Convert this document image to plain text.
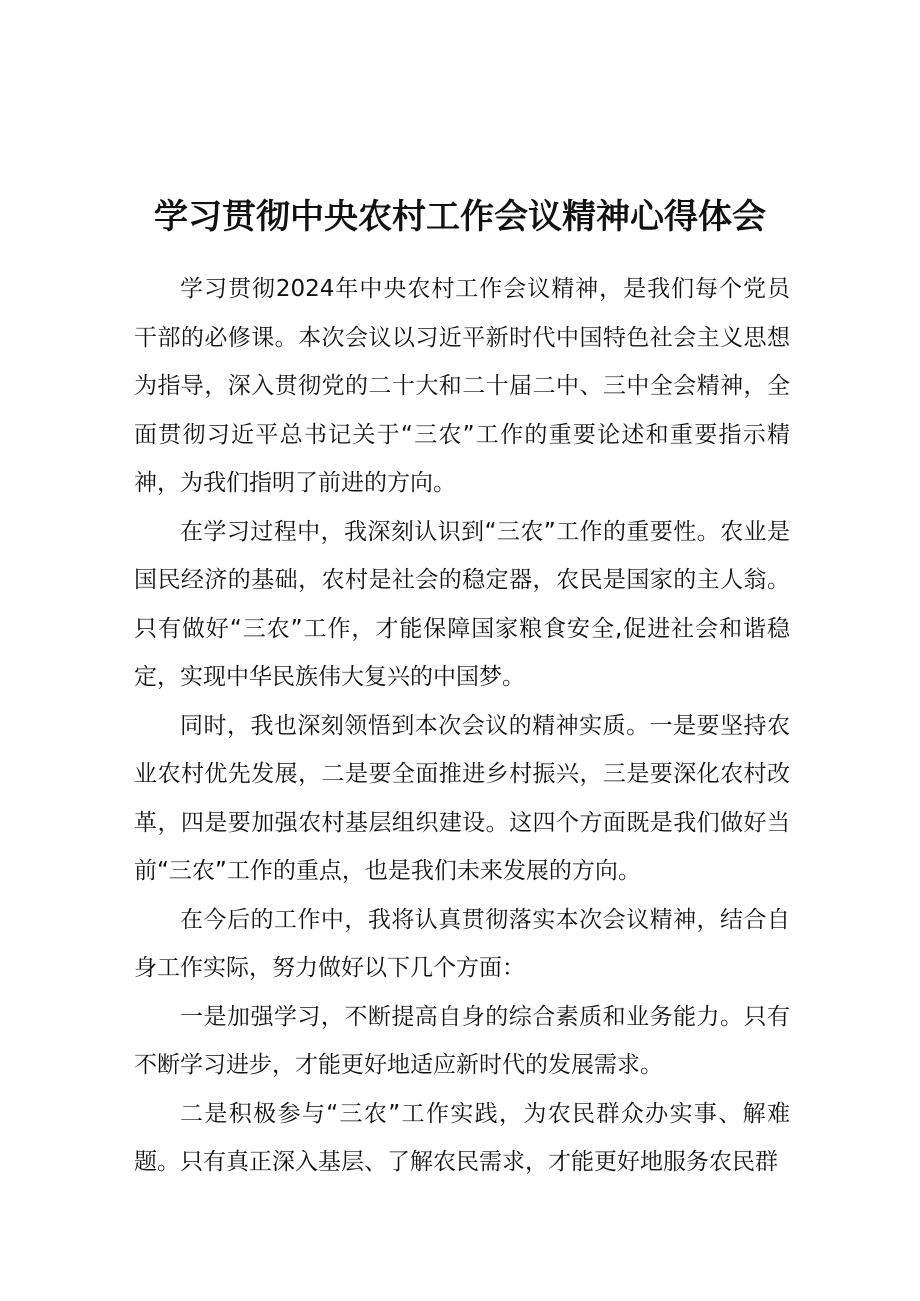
学习贯彻中央农村工作会议精神心得体会

学习贯彻2024年中央农村工作会议精神，是我们每个党员干部的必修课。本次会议以习近平新时代中国特色社会主义思想为指导，深入贯彻党的二十大和二十届二中、三中全会精神，全面贯彻习近平总书记关于“三农”工作的重要论述和重要指示精神，为我们指明了前进的方向。

在学习过程中，我深刻认识到“三农”工作的重要性。农业是国民经济的基础，农村是社会的稳定器，农民是国家的主人翁。只有做好“三农”工作，才能保障国家粮食安全,促进社会和谐稳定，实现中华民族伟大复兴的中国梦。

同时，我也深刻领悟到本次会议的精神实质。一是要坚持农业农村优先发展，二是要全面推进乡村振兴，三是要深化农村改革，四是要加强农村基层组织建设。这四个方面既是我们做好当前“三农”工作的重点，也是我们未来发展的方向。

在今后的工作中，我将认真贯彻落实本次会议精神，结合自身工作实际，努力做好以下几个方面：

一是加强学习，不断提高自身的综合素质和业务能力。只有不断学习进步，才能更好地适应新时代的发展需求。

二是积极参与“三农”工作实践，为农民群众办实事、解难题。只有真正深入基层、了解农民需求，才能更好地服务农民群
